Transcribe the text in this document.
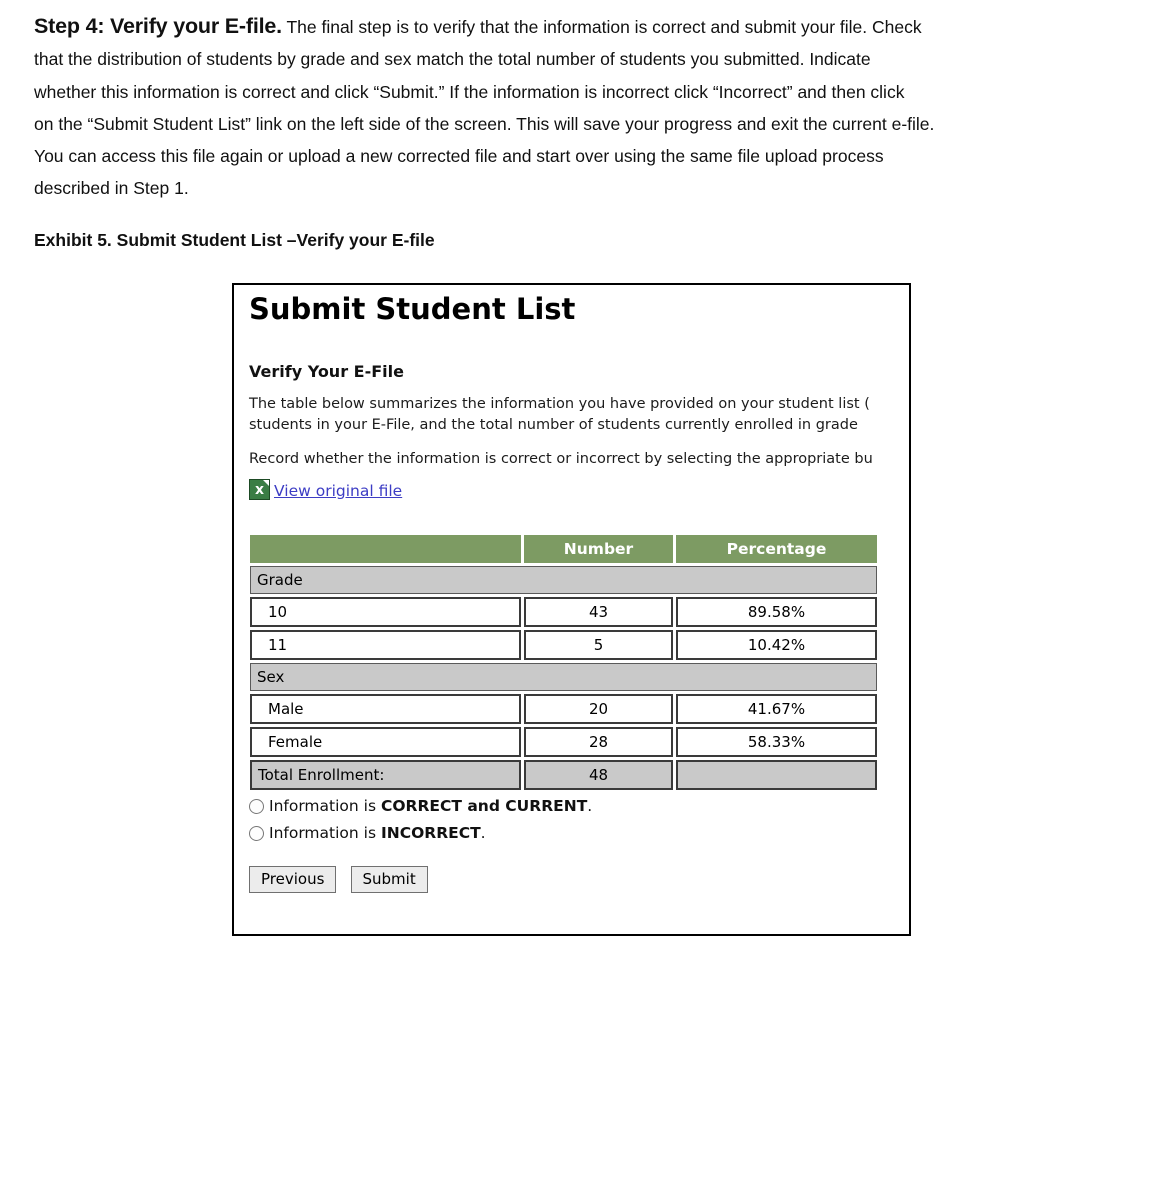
Step 4: Verify your E-file. The final step is to verify that the information is correct and submit your file. Check
that the distribution of students by grade and sex match the total number of students you submitted. Indicate
whether this information is correct and click “Submit.” If the information is incorrect click “Incorrect” and then click
on the “Submit Student List” link on the left side of the screen. This will save your progress and exit the current e-file.
You can access this file again or upload a new corrected file and start over using the same file upload process
described in Step 1.
Exhibit 5. Submit Student List –Verify your E-file
Submit Student List
Verify Your E-File
The table below summarizes the information you have provided on your student list (
students in your E-File, and the total number of students currently enrolled in grade
Record whether the information is correct or incorrect by selecting the appropriate bu
x View original file
	Number	Percentage
Grade		
10	43	89.58%
11	5	10.42%
Sex		
Male	20	41.67%
Female	28	58.33%
Total Enrollment:	48	
Information is CORRECT and CURRENT.
Information is INCORRECT.
Previous	Submit
